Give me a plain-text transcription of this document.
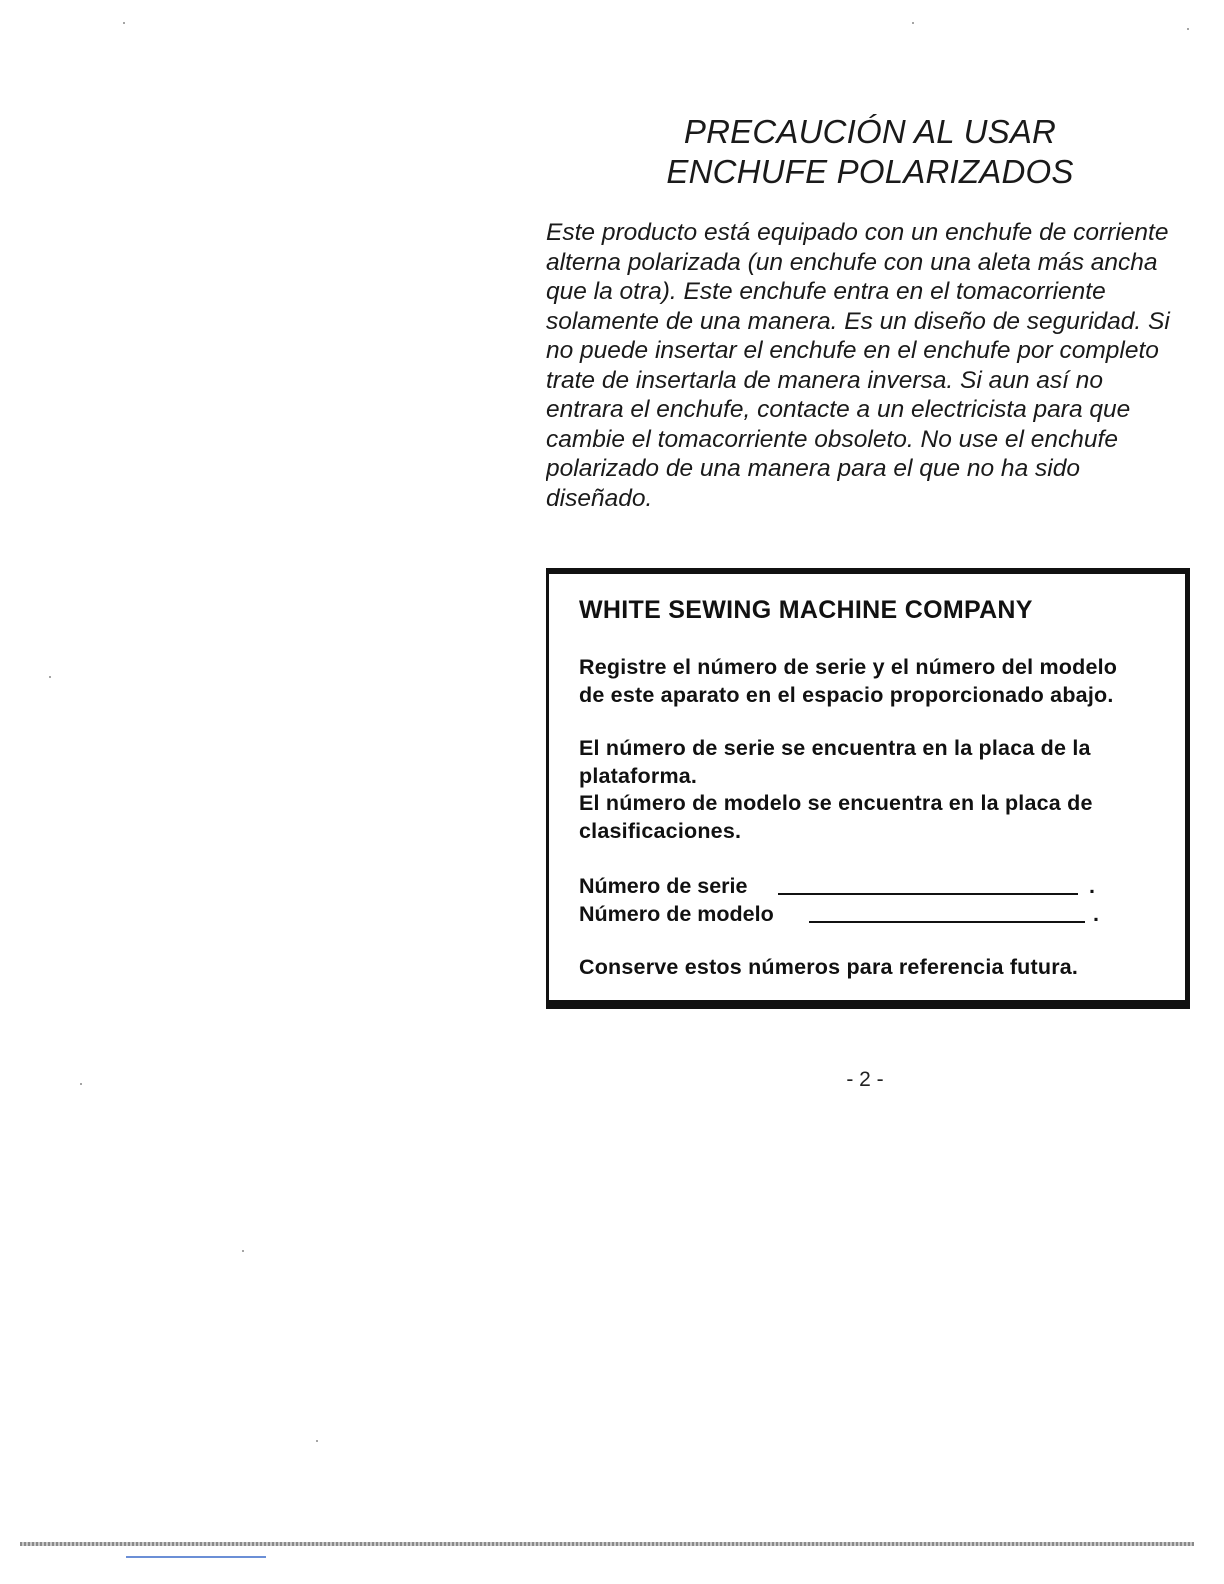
PRECAUCIÓN AL USAR
ENCHUFE POLARIZADOS
Este producto está equipado con un enchufe de corriente
alterna polarizada (un enchufe con una aleta más ancha
que la otra). Este enchufe entra en el tomacorriente
solamente de una manera. Es un diseño de seguridad. Si
no puede insertar el enchufe en el enchufe por completo
trate de insertarla de manera inversa. Si aun así no
entrara el enchufe, contacte a un electricista para que
cambie el tomacorriente obsoleto. No use el enchufe
polarizado de una manera para el que no ha sido
diseñado.
WHITE SEWING MACHINE COMPANY
Registre el número de serie y el número del modelo
de este aparato en el espacio proporcionado abajo.
El número de serie se encuentra en la placa de la
plataforma.
El número de modelo se encuentra en la placa de
clasificaciones.
Número de serie	.
Número de modelo	.
Conserve estos números para referencia futura.
- 2 -
